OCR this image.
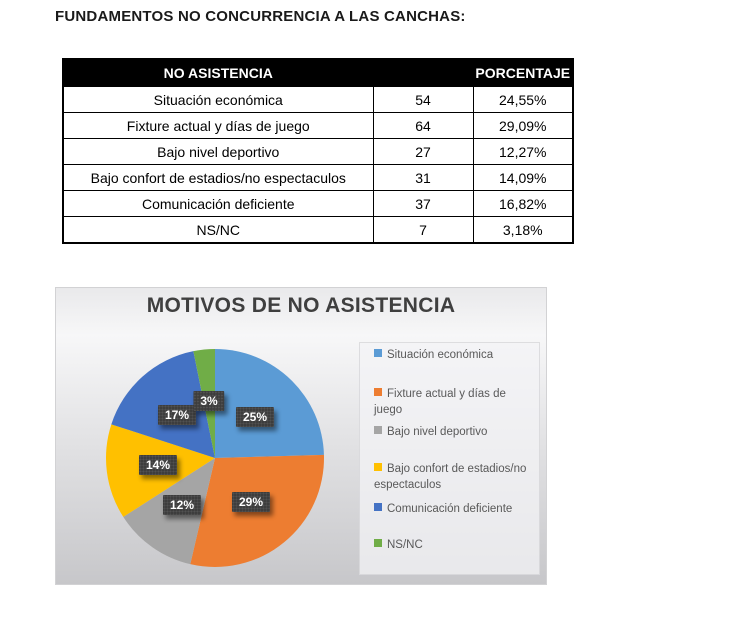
FUNDAMENTOS NO CONCURRENCIA A LAS CANCHAS:
NO ASISTENCIA		PORCENTAJE
Situación económica	54	24,55%
Fixture actual y días de juego	64	29,09%
Bajo nivel deportivo	27	12,27%
Bajo confort de estadios/no espectaculos	31	14,09%
Comunicación deficiente	37	16,82%
NS/NC	7	3,18%
MOTIVOS DE NO ASISTENCIA
25%
29%
12%
14%
17%
3%
Situación económica
Fixture actual y días de juego
Bajo nivel deportivo
Bajo confort de estadios/no espectaculos
Comunicación deficiente
NS/NC
